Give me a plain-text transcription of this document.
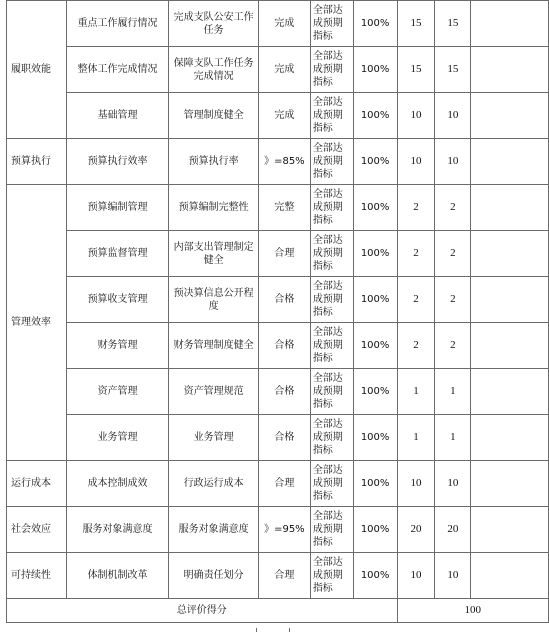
履职效能	重点工作履行情况	完成支队公安工作任务	完成	全部达成预期指标	100%	15	15	
	整体工作完成情况	保障支队工作任务完成情况	完成	全部达成预期指标	100%	15	15	
	基础管理	管理制度健全	完成	全部达成预期指标	100%	10	10	
预算执行	预算执行效率	预算执行率	》=85%	全部达成预期指标	100%	10	10	
管理效率	预算编制管理	预算编制完整性	完整	全部达成预期指标	100%	2	2	
	预算监督管理	内部支出管理制定健全	合理	全部达成预期指标	100%	2	2	
	预算收支管理	预决算信息公开程度	合格	全部达成预期指标	100%	2	2	
	财务管理	财务管理制度健全	合格	全部达成预期指标	100%	2	2	
	资产管理	资产管理规范	合格	全部达成预期指标	100%	1	1	
	业务管理	业务管理	合格	全部达成预期指标	100%	1	1	
运行成本	成本控制成效	行政运行成本	合理	全部达成预期指标	100%	10	10	
社会效应	服务对象满意度	服务对象满意度	》=95%	全部达成预期指标	100%	20	20	
可持续性	体制机制改革	明确责任划分	合理	全部达成预期指标	100%	10	10	
总评价得分						100		
